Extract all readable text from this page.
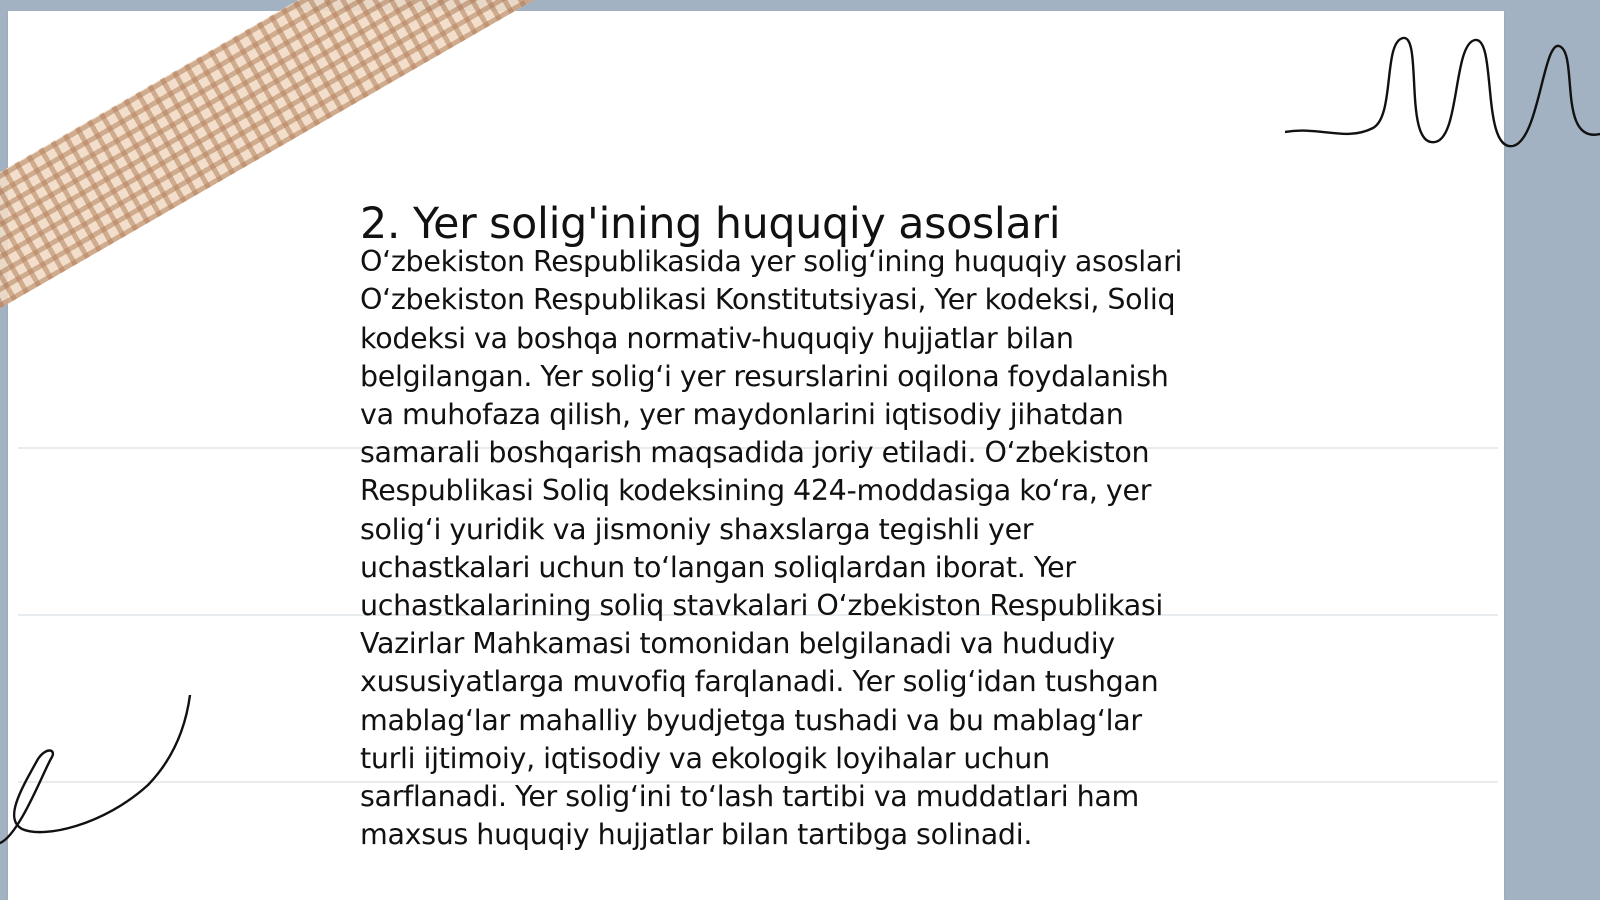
2. Yer solig'ining huquqiy asoslari

O‘zbekiston Respublikasida yer solig‘ining huquqiy asoslari
O‘zbekiston Respublikasi Konstitutsiyasi, Yer kodeksi, Soliq
kodeksi va boshqa normativ-huquqiy hujjatlar bilan
belgilangan. Yer solig‘i yer resurslarini oqilona foydalanish
va muhofaza qilish, yer maydonlarini iqtisodiy jihatdan
samarali boshqarish maqsadida joriy etiladi. O‘zbekiston
Respublikasi Soliq kodeksining 424-moddasiga ko‘ra, yer
solig‘i yuridik va jismoniy shaxslarga tegishli yer
uchastkalari uchun to‘langan soliqlardan iborat. Yer
uchastkalarining soliq stavkalari O‘zbekiston Respublikasi
Vazirlar Mahkamasi tomonidan belgilanadi va hududiy
xususiyatlarga muvofiq farqlanadi. Yer solig‘idan tushgan
mablag‘lar mahalliy byudjetga tushadi va bu mablag‘lar
turli ijtimoiy, iqtisodiy va ekologik loyihalar uchun
sarflanadi. Yer solig‘ini to‘lash tartibi va muddatlari ham
maxsus huquqiy hujjatlar bilan tartibga solinadi.
